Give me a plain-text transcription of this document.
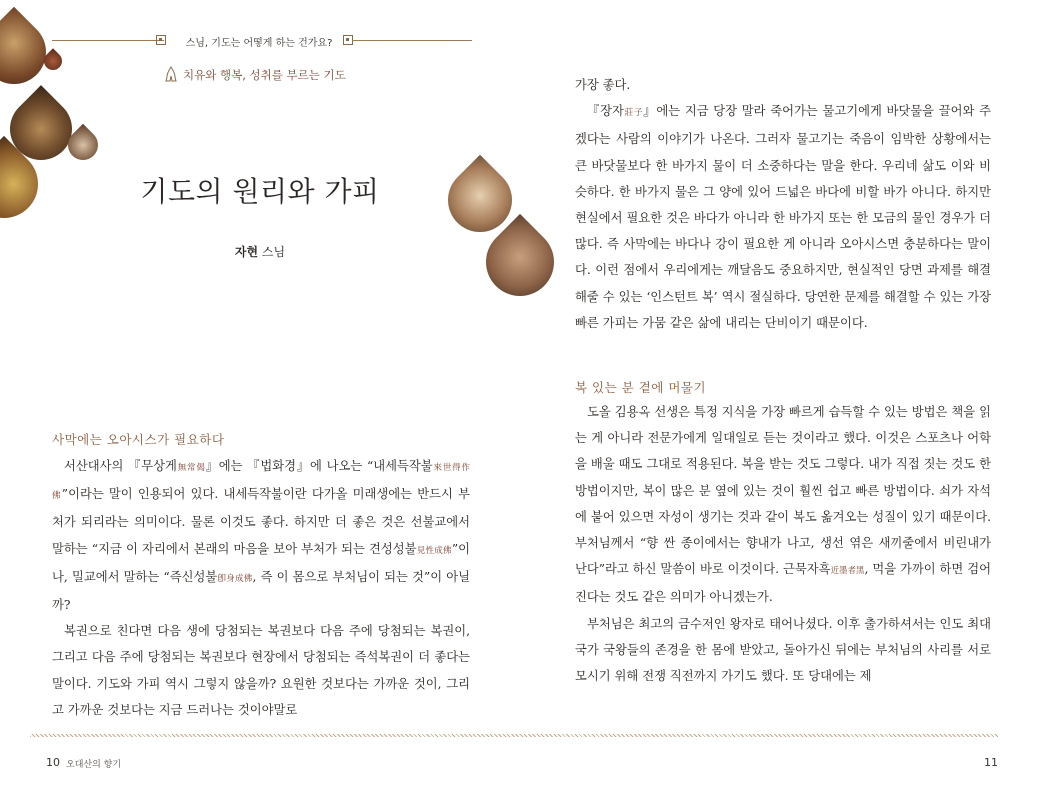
스님, 기도는 어떻게 하는 건가요?
치유와 행복, 성취를 부르는 기도
기도의 원리와 가피
자현 스님
사막에는 오아시스가 필요하다

서산대사의 『무상게無常偈』에는 『법화경』에 나오는 “내세득작불來世得作佛”이라는 말이 인용되어 있다. 내세득작불이란 다가올 미래생에는 반드시 부처가 되리라는 의미이다. 물론 이것도 좋다. 하지만 더 좋은 것은 선불교에서 말하는 “지금 이 자리에서 본래의 마음을 보아 부처가 되는 견성성불見性成佛”이나, 밀교에서 말하는 “즉신성불卽身成佛, 즉 이 몸으로 부처님이 되는 것”이 아닐까?

복권으로 친다면 다음 생에 당첨되는 복권보다 다음 주에 당첨되는 복권이, 그리고 다음 주에 당첨되는 복권보다 현장에서 당첨되는 즉석복권이 더 좋다는 말이다. 기도와 가피 역시 그렇지 않을까? 요원한 것보다는 가까운 것이, 그리고 가까운 것보다는 지금 드러나는 것이야말로

가장 좋다.

『장자莊子』에는 지금 당장 말라 죽어가는 물고기에게 바닷물을 끌어와 주겠다는 사람의 이야기가 나온다. 그러자 물고기는 죽음이 임박한 상황에서는 큰 바닷물보다 한 바가지 물이 더 소중하다는 말을 한다. 우리네 삶도 이와 비슷하다. 한 바가지 물은 그 양에 있어 드넓은 바다에 비할 바가 아니다. 하지만 현실에서 필요한 것은 바다가 아니라 한 바가지 또는 한 모금의 물인 경우가 더 많다. 즉 사막에는 바다나 강이 필요한 게 아니라 오아시스면 충분하다는 말이다. 이런 점에서 우리에게는 깨달음도 중요하지만, 현실적인 당면 과제를 해결해줄 수 있는 ‘인스턴트 복’ 역시 절실하다. 당연한 문제를 해결할 수 있는 가장 빠른 가피는 가뭄 같은 삶에 내리는 단비이기 때문이다.

복 있는 분 곁에 머물기

도올 김용옥 선생은 특정 지식을 가장 빠르게 습득할 수 있는 방법은 책을 읽는 게 아니라 전문가에게 일대일로 듣는 것이라고 했다. 이것은 스포츠나 어학을 배울 때도 그대로 적용된다. 복을 받는 것도 그렇다. 내가 직접 짓는 것도 한 방법이지만, 복이 많은 분 옆에 있는 것이 훨씬 쉽고 빠른 방법이다. 쇠가 자석에 붙어 있으면 자성이 생기는 것과 같이 복도 옮겨오는 성질이 있기 때문이다. 부처님께서 “향 싼 종이에서는 향내가 나고, 생선 엮은 새끼줄에서 비린내가 난다”라고 하신 말씀이 바로 이것이다. 근묵자흑近墨者黑, 먹을 가까이 하면 검어진다는 것도 같은 의미가 아니겠는가.

부처님은 최고의 금수저인 왕자로 태어나셨다. 이후 출가하셔서는 인도 최대 국가 국왕들의 존경을 한 몸에 받았고, 돌아가신 뒤에는 부처님의 사리를 서로 모시기 위해 전쟁 직전까지 가기도 했다. 또 당대에는 제

10 오대산의 향기	11
